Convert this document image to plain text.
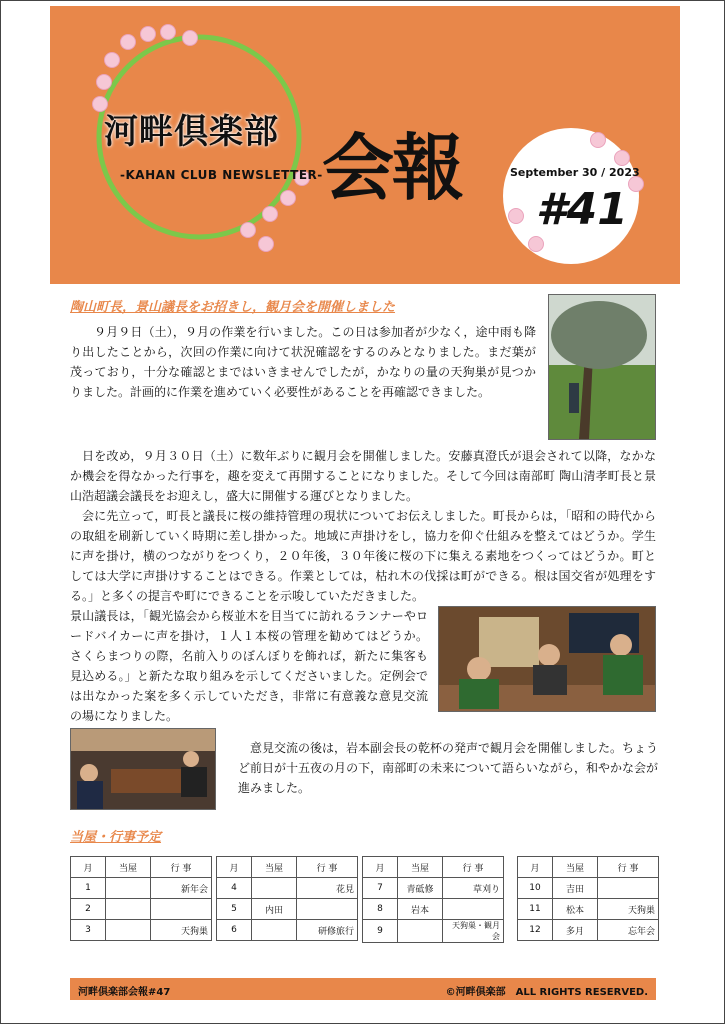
河畔倶楽部
-KAHAN CLUB NEWSLETTER- 会報	September 30 / 2023
#41
陶山町長，景山議長をお招きし，観月会を開催しました

９月９日（土），９月の作業を行いました。この日は参加者が少なく，途中雨も降り出したことから，次回の作業に向けて状況確認をするのみとなりました。まだ葉が茂っており，十分な確認とまではいきませんでしたが，かなりの量の天狗巣が見つかりました。計画的に作業を進めていく必要性があることを再確認できました。

日を改め，９月３０日（土）に数年ぶりに観月会を開催しました。安藤真澄氏が退会されて以降，なかなか機会を得なかった行事を，趣を変えて再開することになりました。そして今回は南部町 陶山清孝町長と景山浩超議会議長をお迎えし，盛大に開催する運びとなりました。

会に先立って，町長と議長に桜の維持管理の現状についてお伝えしました。町長からは，「昭和の時代からの取組を刷新していく時期に差し掛かった。地域に声掛けをし，協力を仰ぐ仕組みを整えてはどうか。学生に声を掛け，横のつながりをつくり，２０年後，３０年後に桜の下に集える素地をつくってはどうか。町としては大学に声掛けすることはできる。作業としては，枯れ木の伐採は町ができる。根は国交省が処理をする。」と多くの提言や町にできることを示唆していただきました。

景山議長は，「観光協会から桜並木を目当てに訪れるランナーやロードバイカーに声を掛け，１人１本桜の管理を勧めてはどうか。さくらまつりの際，名前入りのぼんぼりを飾れば，新たに集客も見込める。」と新たな取り組みを示してくださいました。定例会では出なかった案を多く示していただき，非常に有意義な意見交流の場になりました。

意見交流の後は，岩本副会長の乾杯の発声で観月会を開催しました。ちょうど前日が十五夜の月の下，南部町の未来について語らいながら，和やかな会が進みました。

当屋・行事予定
月	当屋	行 事
1		新年会
2		
3		天狗巣
月	当屋	行 事
4		花見
5	内田	
6		研修旅行
月	当屋	行 事
7	青砥修	草刈り
8	岩本	
9		天狗巣・観月会
月	当屋	行 事
10	吉田	
11	松本	天狗巣
12	多月	忘年会
河畔倶楽部会報#47	©河畔倶楽部　ALL RIGHTS RESERVED.
